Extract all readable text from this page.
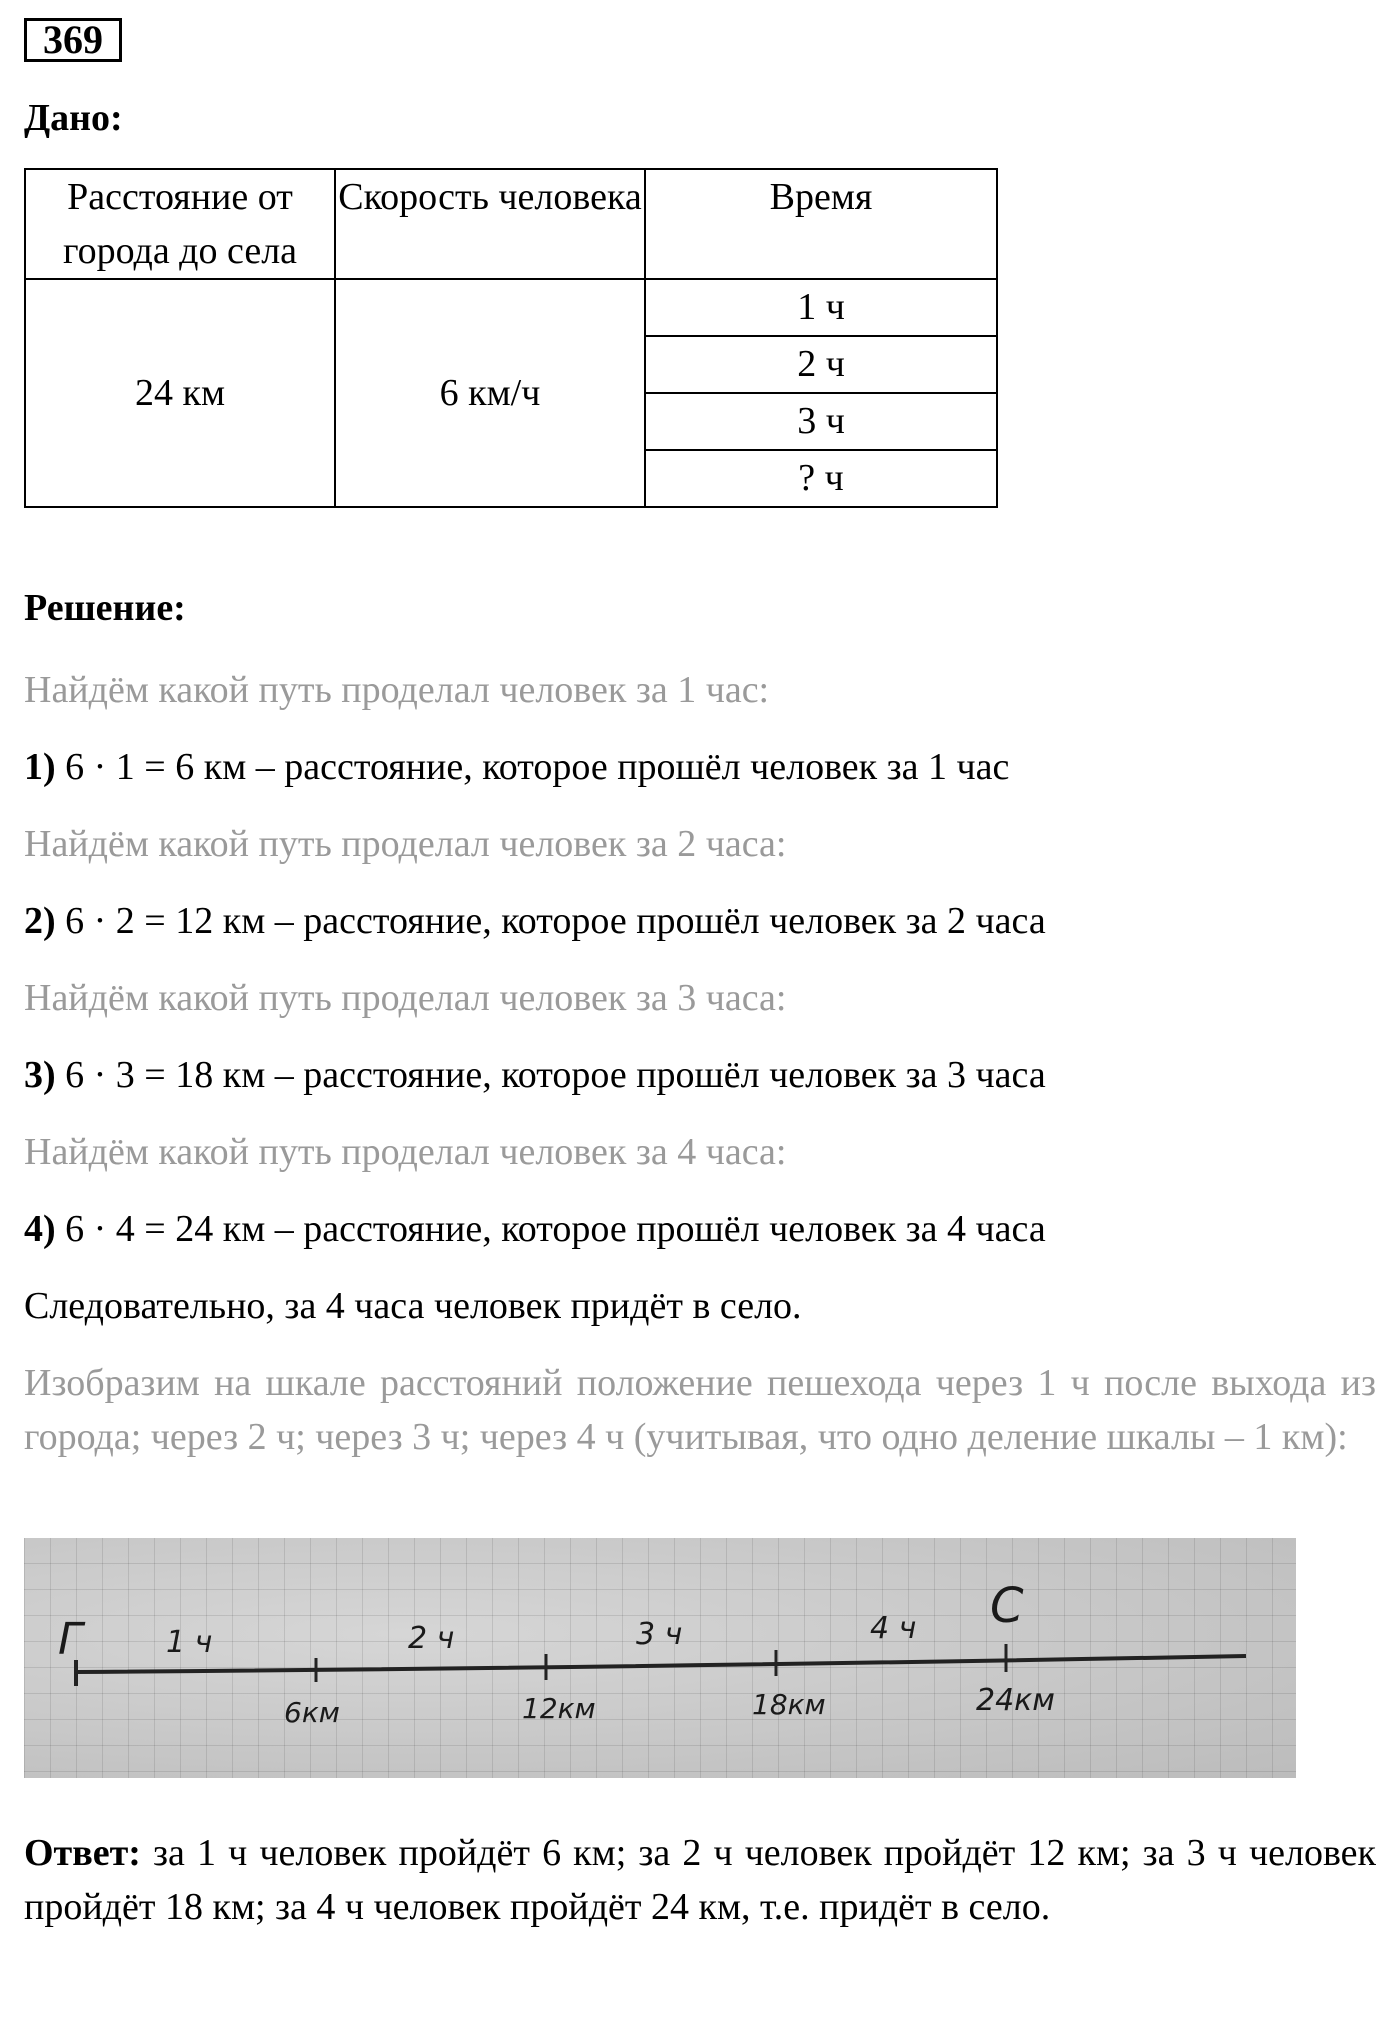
369
Дано:
Расстояние от города до села	Скорость человека	Время
24 км	6 км/ч	1 ч
		2 ч
		3 ч
		? ч
Решение:
Найдём какой путь проделал человек за 1 час:
1) 6 · 1 = 6 км – расстояние, которое прошёл человек за 1 час
Найдём какой путь проделал человек за 2 часа:
2) 6 · 2 = 12 км – расстояние, которое прошёл человек за 2 часа
Найдём какой путь проделал человек за 3 часа:
3) 6 · 3 = 18 км – расстояние, которое прошёл человек за 3 часа
Найдём какой путь проделал человек за 4 часа:
4) 6 · 4 = 24 км – расстояние, которое прошёл человек за 4 часа
Следовательно, за 4 часа человек придёт в село.
Изобразим на шкале расстояний положение пешехода через 1 ч после выхода из города; через 2 ч; через 3 ч; через 4 ч (учитывая, что одно деление шкалы – 1 км):
Г
С
1 ч	2 ч	3 ч	4 ч
6км	12км	18км	24км
Ответ: за 1 ч человек пройдёт 6 км; за 2 ч человек пройдёт 12 км; за 3 ч человек пройдёт 18 км; за 4 ч человек пройдёт 24 км, т.е. придёт в село.
